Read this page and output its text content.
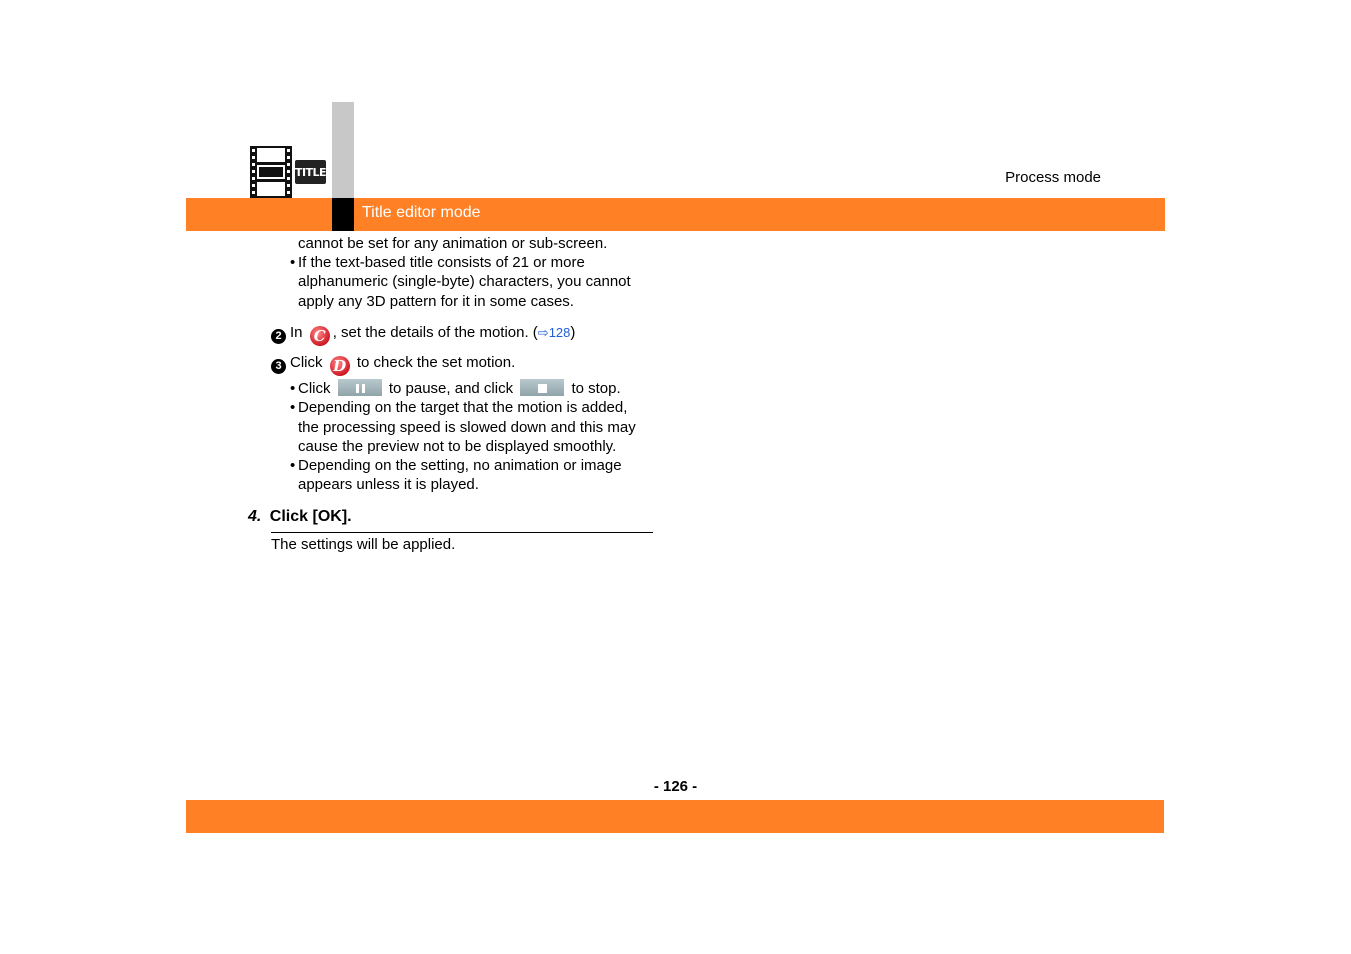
TITLE	Process mode
Title editor mode
cannot be set for any animation or sub-screen.
• If the text-based title consists of 21 or more
alphanumeric (single-byte) characters, you cannot
apply any 3D pattern for it in some cases.
2 In C , set the details of the motion. (⇨128)
3 Click D to check the set motion.
• Click	to pause, and click	to stop.
• Depending on the target that the motion is added,
the processing speed is slowed down and this may
cause the preview not to be displayed smoothly.
• Depending on the setting, no animation or image
appears unless it is played.
4. Click [OK].
The settings will be applied.
- 126 -
